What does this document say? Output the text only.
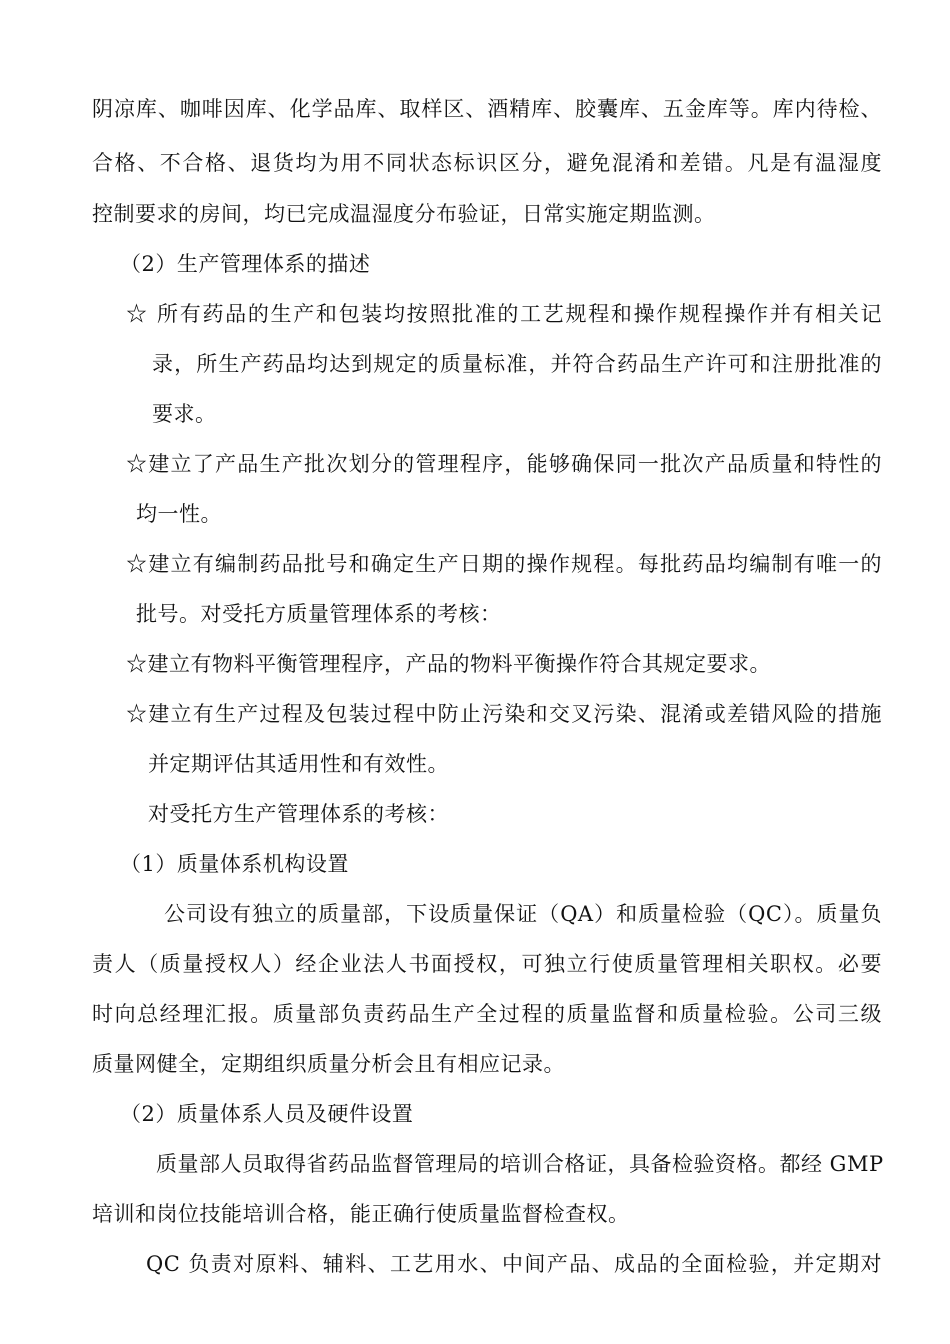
阴凉库、咖啡因库、化学品库、取样区、酒精库、胶囊库、五金库等。库内待检、
合格、不合格、退货均为用不同状态标识区分，避免混淆和差错。凡是有温湿度
控制要求的房间，均已完成温湿度分布验证，日常实施定期监测。
（2）生产管理体系的描述
☆ 所有药品的生产和包装均按照批准的工艺规程和操作规程操作并有相关记
录，所生产药品均达到规定的质量标准，并符合药品生产许可和注册批准的
要求。
☆建立了产品生产批次划分的管理程序，能够确保同一批次产品质量和特性的
均一性。
☆建立有编制药品批号和确定生产日期的操作规程。每批药品均编制有唯一的
批号。对受托方质量管理体系的考核：
☆建立有物料平衡管理程序，产品的物料平衡操作符合其规定要求。
☆建立有生产过程及包装过程中防止污染和交叉污染、混淆或差错风险的措施
并定期评估其适用性和有效性。
对受托方生产管理体系的考核：
（1）质量体系机构设置
公司设有独立的质量部，下设质量保证（QA）和质量检验（QC）。质量负
责人（质量授权人）经企业法人书面授权，可独立行使质量管理相关职权。必要
时向总经理汇报。质量部负责药品生产全过程的质量监督和质量检验。公司三级
质量网健全，定期组织质量分析会且有相应记录。
（2）质量体系人员及硬件设置
质量部人员取得省药品监督管理局的培训合格证，具备检验资格。都经 GMP
培训和岗位技能培训合格，能正确行使质量监督检查权。
QC 负责对原料、辅料、工艺用水、中间产品、成品的全面检验，并定期对
